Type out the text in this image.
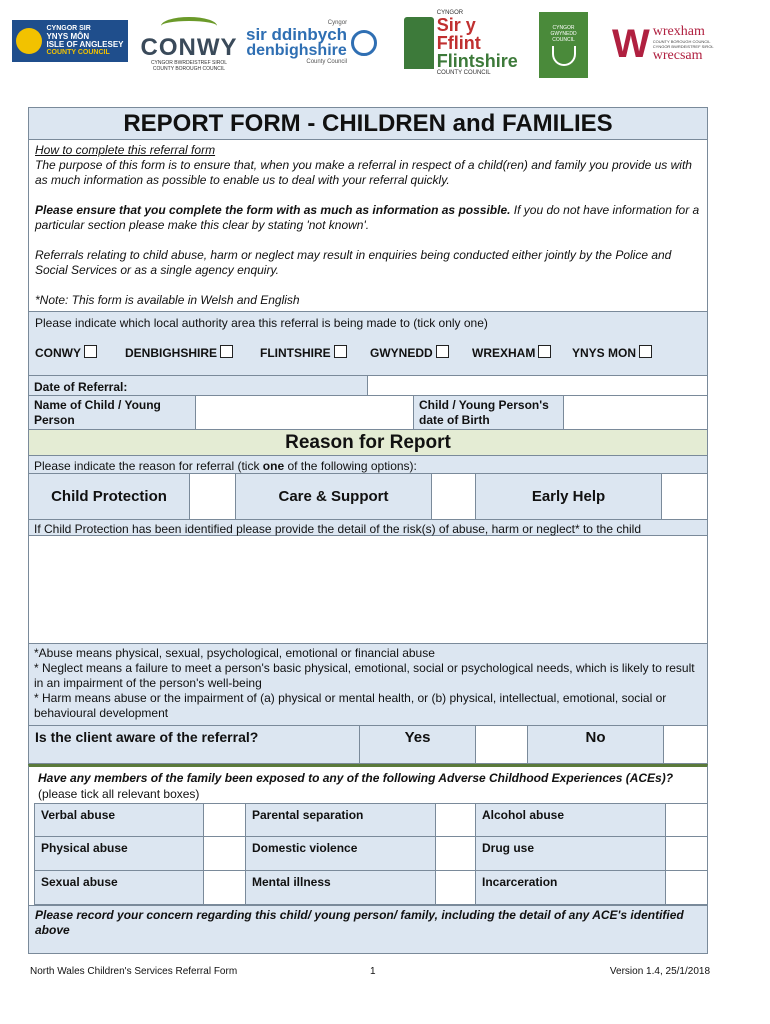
CYNGOR SIR
YNYS MÔN
ISLE OF ANGLESEY
COUNTY COUNCIL	CONWY
CYNGOR BWRDEISTREF SIROL
COUNTY BOROUGH COUNCIL
Cyngor
sir ddinbych
denbighshire
County Council
CYNGOR
Sir y Fflint
Flintshire
COUNTY COUNCIL
CYNGOR
GWYNEDD
COUNCIL W wrexham
COUNTY BOROUGH COUNCIL
CYNGOR BWRDEISTREF SIROL
wrecsam
REPORT FORM - CHILDREN and FAMILIES
How to complete this referral form
The purpose of this form is to ensure that, when you make a referral in respect of a child(ren) and family you provide us with as much information as possible to enable us to deal with your referral quickly.
Please ensure that you complete the form with as much as information as possible. If you do not have information for a particular section please make this clear by stating 'not known'.
Referrals relating to child abuse, harm or neglect may result in enquiries being conducted either jointly by the Police and Social Services or as a single agency enquiry.
*Note: This form is available in Welsh and English
Please indicate which local authority area this referral is being made to (tick only one)
CONWY	DENBIGHSHIRE	FLINTSHIRE	GWYNEDD	WREXHAM	YNYS MON
Date of Referral:
Name of Child / Young Person
Child / Young Person's date of Birth
Reason for Report
Please indicate the reason for referral (tick one of the following options):
Child Protection	Care & Support	Early Help
If Child Protection has been identified please provide the detail of the risk(s) of abuse, harm or neglect* to the child
*Abuse means physical, sexual, psychological, emotional or financial abuse
* Neglect means a failure to meet a person's basic physical, emotional, social or psychological needs, which is likely to result in an impairment of the person's well-being
* Harm means abuse or the impairment of (a) physical or mental health, or (b) physical, intellectual, emotional, social or behavioural development
Is the client aware of the referral?	Yes	No
Have any members of the family been exposed to any of the following Adverse Childhood Experiences (ACEs)?
(please tick all relevant boxes)
Verbal abuse	Parental separation	Alcohol abuse
Physical abuse	Domestic violence	Drug use
Sexual abuse	Mental illness	Incarceration
Please record your concern regarding this child/ young person/ family, including the detail of any ACE's identified above
North Wales Children's Services Referral Form	1	Version 1.4, 25/1/2018
